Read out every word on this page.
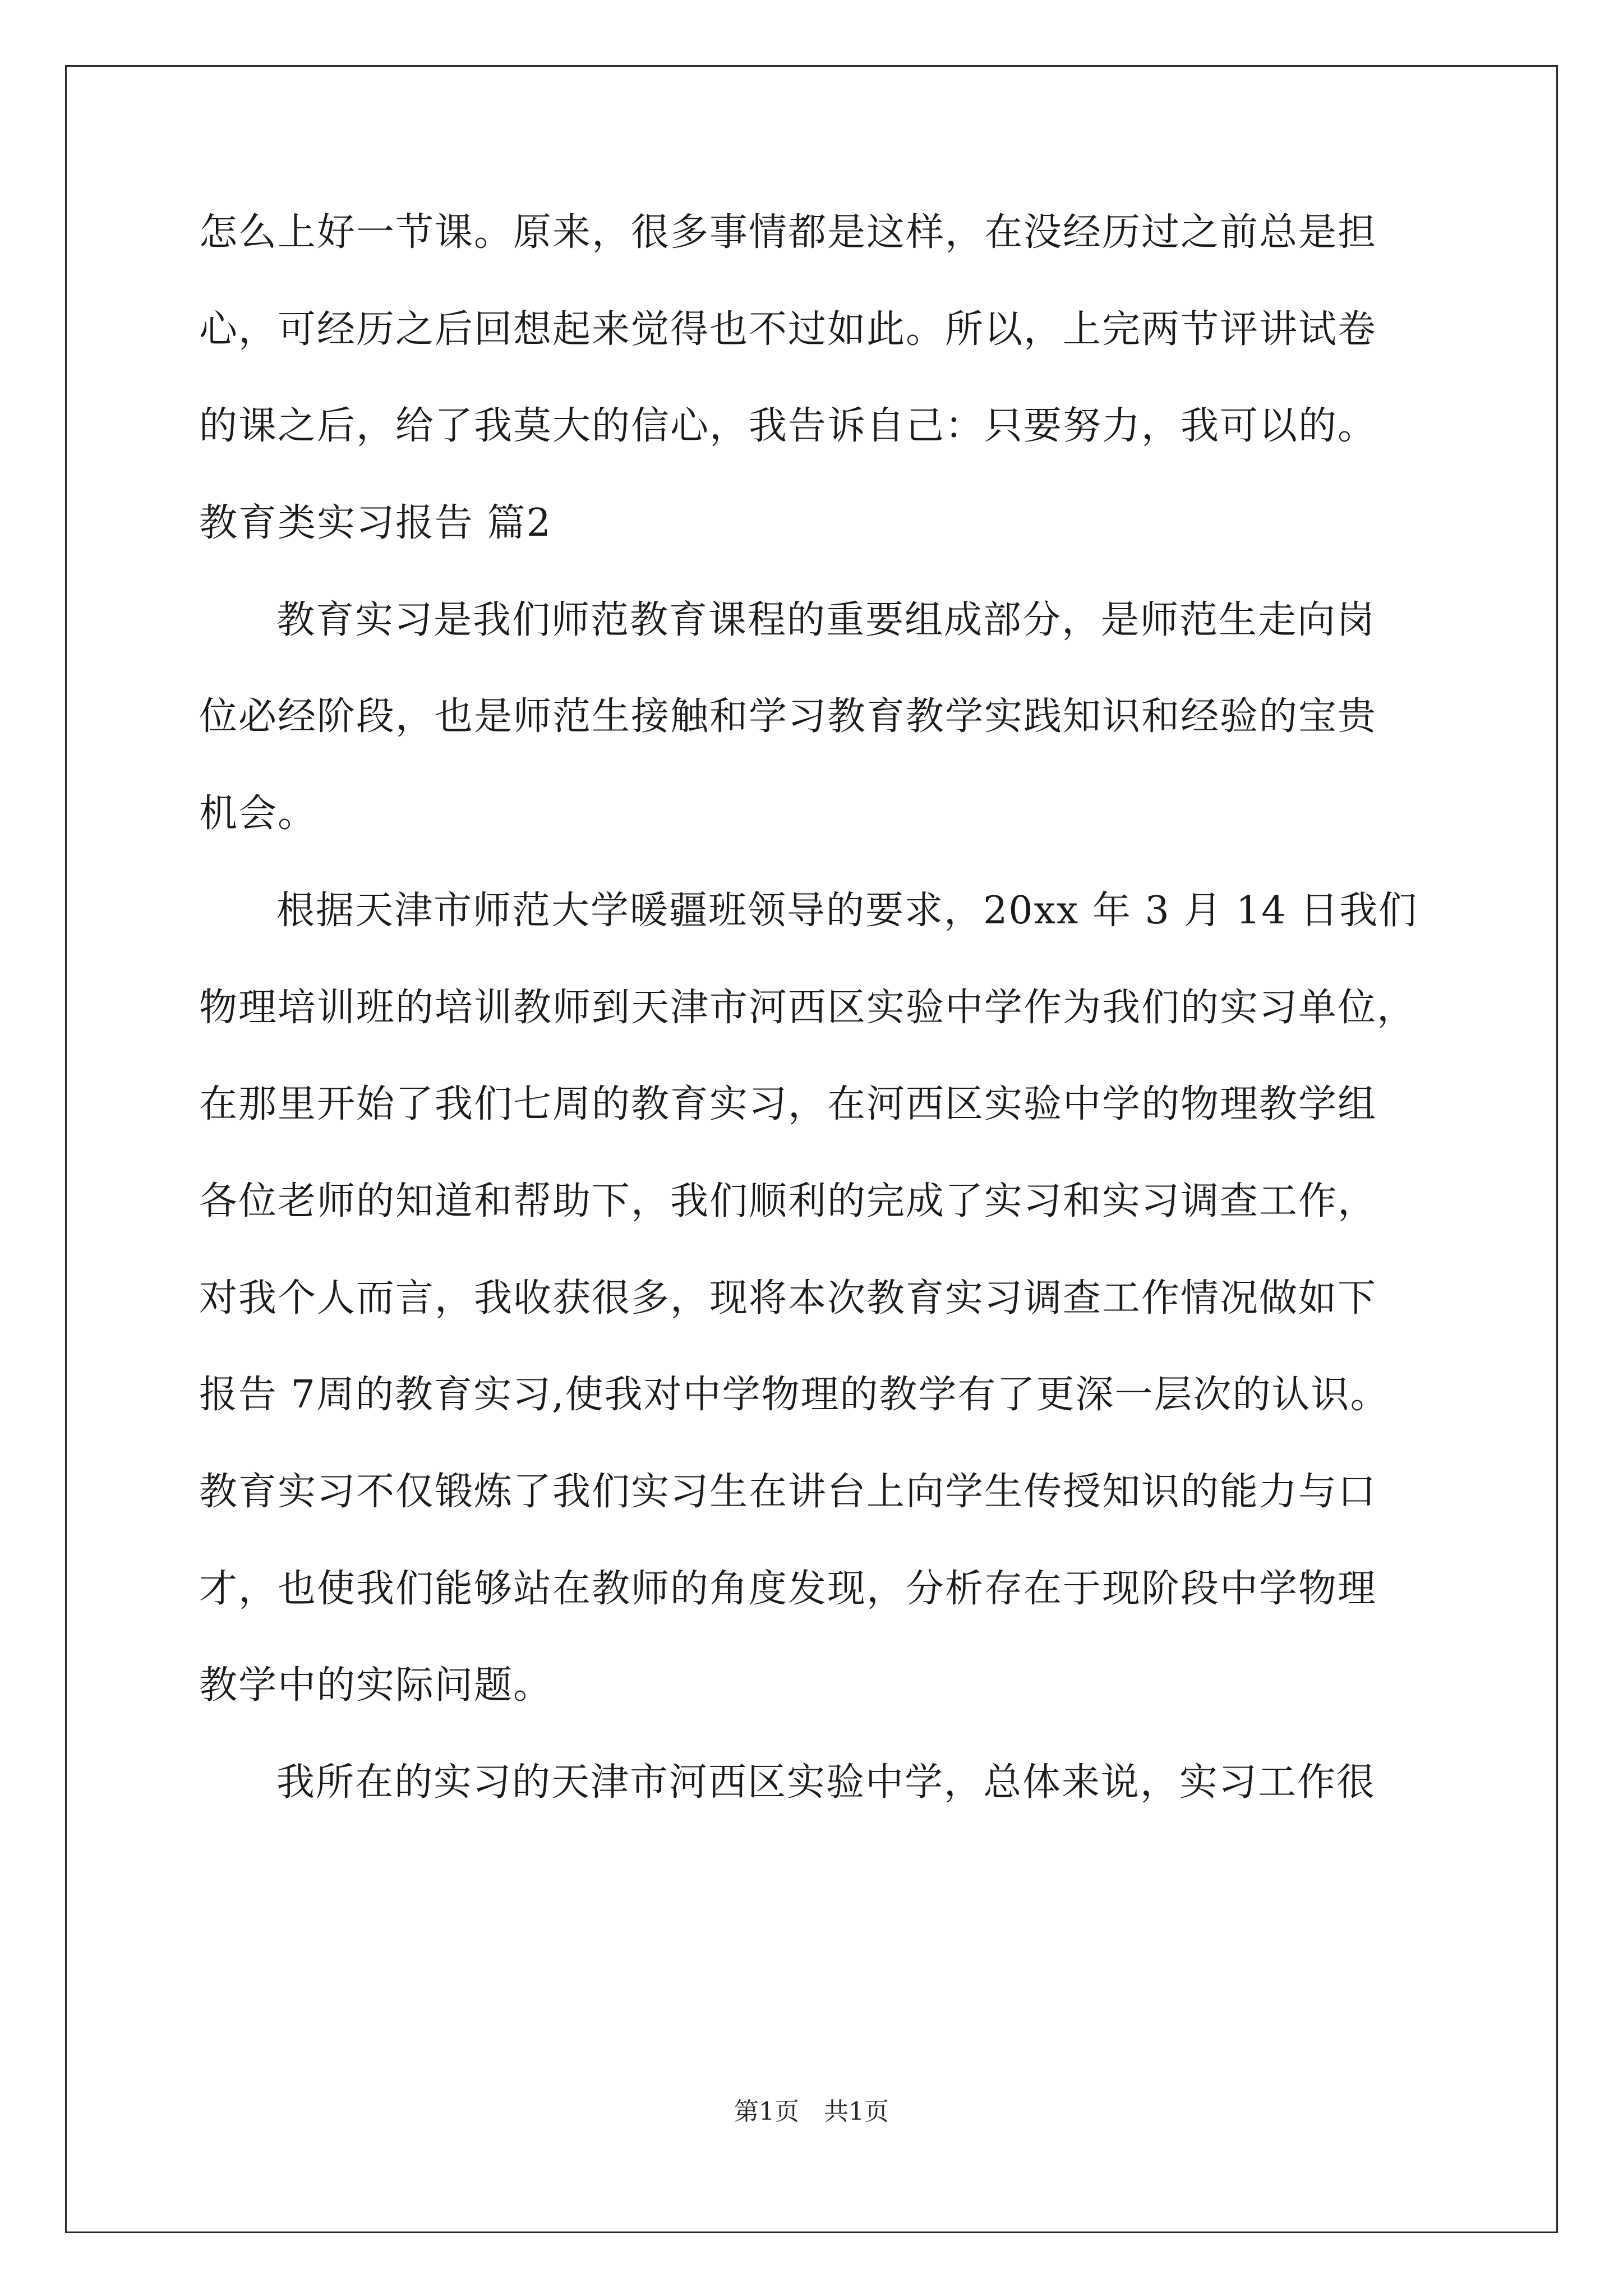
怎么上好一节课。原来，很多事情都是这样，在没经历过之前总是担
心，可经历之后回想起来觉得也不过如此。所以，上完两节评讲试卷
的课之后，给了我莫大的信心，我告诉自己：只要努力，我可以的。
教育类实习报告 篇2
教育实习是我们师范教育课程的重要组成部分，是师范生走向岗
位必经阶段，也是师范生接触和学习教育教学实践知识和经验的宝贵
机会。
根据天津市师范大学暖疆班领导的要求，20xx 年 3 月 14 日我们
物理培训班的培训教师到天津市河西区实验中学作为我们的实习单位，
在那里开始了我们七周的教育实习，在河西区实验中学的物理教学组
各位老师的知道和帮助下，我们顺利的完成了实习和实习调查工作，
对我个人而言，我收获很多，现将本次教育实习调查工作情况做如下
报告 7周的教育实习,使我对中学物理的教学有了更深一层次的认识。
教育实习不仅锻炼了我们实习生在讲台上向学生传授知识的能力与口
才，也使我们能够站在教师的角度发现，分析存在于现阶段中学物理
教学中的实际问题。
我所在的实习的天津市河西区实验中学，总体来说，实习工作很
第1页 共1页
